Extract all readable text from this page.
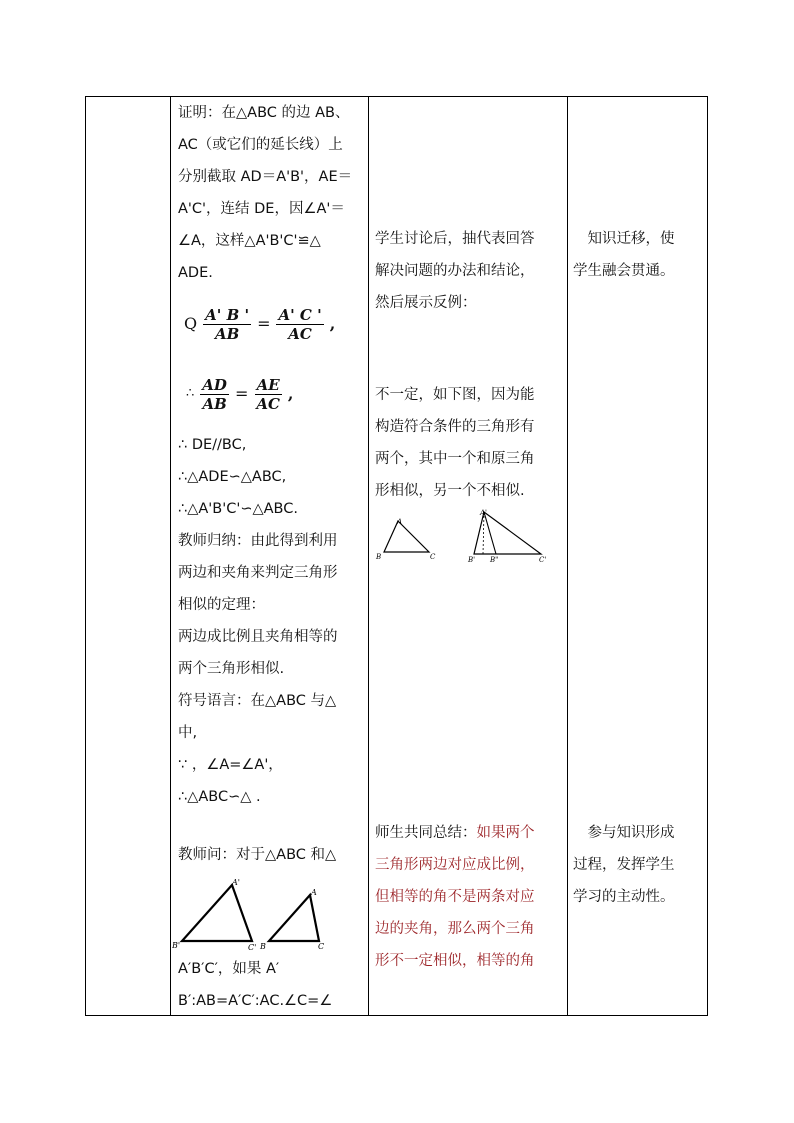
证明：在△ABC 的边 AB、
AC（或它们的延长线）上
分别截取 AD＝A'B'，AE＝
A'C'，连结 DE，因∠A'＝
∠A，这样△A'B'C'≌△
ADE.
Q $\frac{A' B '}{AB} = \frac{A' C '}{AC}$ ,
∴ $\frac{AD}{AB} = \frac{AE}{AC}$ ,
∴ DE//BC,
∴△ADE∽△ABC,
∴△A'B'C'∽△ABC.
教师归纳：由此得到利用
两边和夹角来判定三角形
相似的定理：
两边成比例且夹角相等的
两个三角形相似.
符号语言：在△ABC 与△
中,
∵ ，∠A=∠A'，
∴△ABC∽△ .
教师问：对于△ABC 和△
A'
B'	C'
A
B	C
A′B′C′，如果 A′
B′:AB=A′C′:AC.∠C=∠
学生讨论后，抽代表回答
解决问题的办法和结论，
然后展示反例：
不一定，如下图，因为能
构造符合条件的三角形有
两个，其中一个和原三角
形相似，另一个不相似.
A
B	C
A'
B' B"	C'
师生共同总结：如果两个
三角形两边对应成比例，
但相等的角不是两条对应
边的夹角，那么两个三角
形不一定相似，相等的角
　知识迁移，使
学生融会贯通。
　参与知识形成
过程，发挥学生
学习的主动性。
